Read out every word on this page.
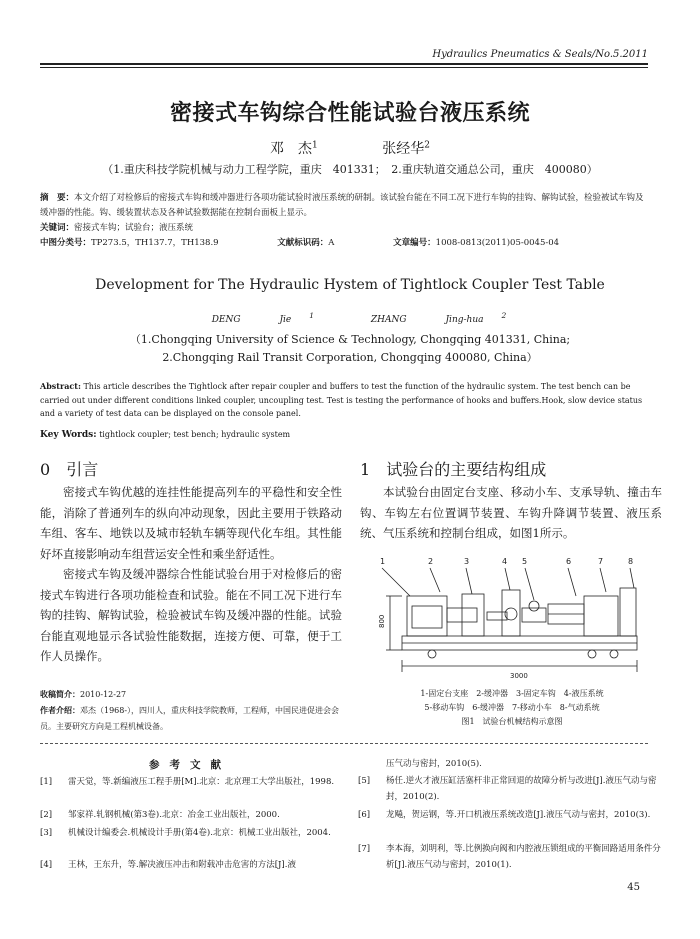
Hydraulics Pneumatics & Seals/No.5.2011
密接式车钩综合性能试验台液压系统
邓　杰$^1$	张经华$^2$
（1.重庆科技学院机械与动力工程学院，重庆　401331；　2.重庆轨道交通总公司，重庆　400080）
摘　要：本文介绍了对检修后的密接式车钩和缓冲器进行各项功能试验时液压系统的研制。该试验台能在不同工况下进行车钩的挂钩、解钩试验，检验被试车钩及缓冲器的性能。钩、缓装置状态及各种试验数据能在控制台面板上显示。
关键词：密接式车钩；试验台；液压系统
中图分类号：TP273.5，TH137.7，TH138.9	文献标识码：A	文章编号：1008-0813(2011)05-0045-04
Development for The Hydraulic Hystem of Tightlock Coupler Test Table
DENG	Jie $^1$	ZHANG	Jing-hua $^2$
（1.Chongqing University of Science & Technology, Chongqing 401331, China;
2.Chongqing Rail Transit Corporation, Chongqing 400080, China）
Abstract: This article describes the Tightlock after repair coupler and buffers to test the function of the hydraulic system. The test bench can be carried out under different conditions linked coupler, uncoupling test. Test is testing the performance of hooks and buffers.Hook, slow device status and a variety of test data can be displayed on the console panel.
Key Words: tightlock coupler; test bench; hydraulic system
0 引言	1 试验台的主要结构组成
密接式车钩优越的连挂性能提高列车的平稳性和安全性能，消除了普通列车的纵向冲动现象，因此主要用于铁路动车组、客车、地铁以及城市轻轨车辆等现代化车组。其性能好坏直接影响动车组营运安全性和乘坐舒适性。
密接式车钩及缓冲器综合性能试验台用于对检修后的密接式车钩进行各项功能检查和试验。能在不同工况下进行车钩的挂钩、解钩试验，检验被试车钩及缓冲器的性能。试验台能直观地显示各试验性能数据，连接方便、可靠，便于工作人员操作。
本试验台由固定台支座、移动小车、支承导轨、撞击车钩、车钩左右位置调节装置、车钩升降调节装置、液压系统、气压系统和控制台组成，如图1所示。
1	2	3	4 5	6	7	8
800
3000
1-固定台支座　2-缓冲器　3-固定车钩　4-液压系统
5-移动车钩　6-缓冲器　7-移动小车　8-气动系统
图1　试验台机械结构示意图
收稿简介：2010-12-27
作者介绍：邓杰（1968-），四川人，重庆科技学院教师，工程师，中国民进促进会会员。主要研究方向是工程机械设备。
参考文献
[1] 雷天觉，等.新编液压工程手册[M].北京：北京理工大学出版社，1998.
[2] 邹家祥.轧钢机械(第3卷).北京：冶金工业出版社，2000.
[3] 机械设计编委会.机械设计手册(第4卷).北京：机械工业出版社，2004.
[4] 王林，王东升，等.解决液压冲击和附载冲击危害的方法[J].液
压气动与密封，2010(5).
[5] 杨任.逆火才液压缸活塞杆非正常回退的故障分析与改进[J].液压气动与密封，2010(2).
[6] 龙飚，贺运钢，等.开口机液压系统改造[J].液压气动与密封，2010(3).
[7] 李本海，刘明利，等.比例换向阀和内腔液压锁组成的平衡回路适用条件分析[J].液压气动与密封，2010(1).
45
